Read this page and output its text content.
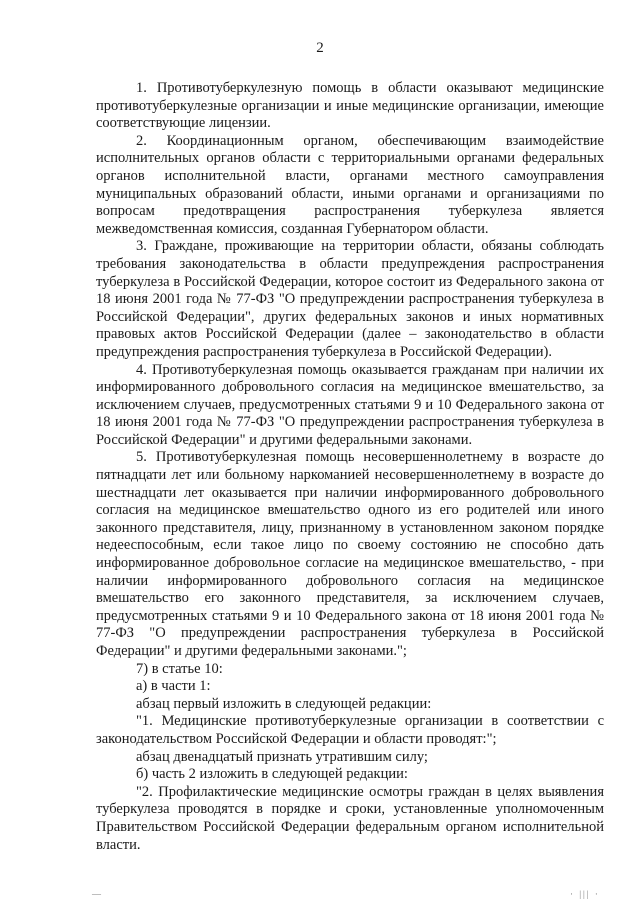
2

1. Противотуберкулезную помощь в области оказывают медицинские противотуберкулезные организации и иные медицинские организации, имеющие соответствующие лицензии.

2. Координационным органом, обеспечивающим взаимодействие исполнительных органов области с территориальными органами федеральных органов исполнительной власти, органами местного самоуправления муниципальных образований области, иными органами и организациями по вопросам предотвращения распространения туберкулеза является межведомственная комиссия, созданная Губернатором области.

3. Граждане, проживающие на территории области, обязаны соблюдать требования законодательства в области предупреждения распространения туберкулеза в Российской Федерации, которое состоит из Федерального закона от 18 июня 2001 года № 77-ФЗ "О предупреждении распространения туберкулеза в Российской Федерации", других федеральных законов и иных нормативных правовых актов Российской Федерации (далее – законодательство в области предупреждения распространения туберкулеза в Российской Федерации).

4. Противотуберкулезная помощь оказывается гражданам при наличии их информированного добровольного согласия на медицинское вмешательство, за исключением случаев, предусмотренных статьями 9 и 10 Федерального закона от 18 июня 2001 года № 77-ФЗ "О предупреждении распространения туберкулеза в Российской Федерации" и другими федеральными законами.

5. Противотуберкулезная помощь несовершеннолетнему в возрасте до пятнадцати лет или больному наркоманией несовершеннолетнему в возрасте до шестнадцати лет оказывается при наличии информированного добровольного согласия на медицинское вмешательство одного из его родителей или иного законного представителя, лицу, признанному в установленном законом порядке недееспособным, если такое лицо по своему состоянию не способно дать информированное добровольное согласие на медицинское вмешательство, - при наличии информированного добровольного согласия на медицинское вмешательство его законного представителя, за исключением случаев, предусмотренных статьями 9 и 10 Федерального закона от 18 июня 2001 года № 77-ФЗ "О предупреждении распространения туберкулеза в Российской Федерации" и другими федеральными законами.";

7) в статье 10:

а) в части 1:

абзац первый изложить в следующей редакции:

"1. Медицинские противотуберкулезные организации в соответствии с законодательством Российской Федерации и области проводят:";

абзац двенадцатый признать утратившим силу;

б) часть 2 изложить в следующей редакции:

"2. Профилактические медицинские осмотры граждан в целях выявления туберкулеза проводятся в порядке и сроки, установленные уполномоченным Правительством Российской Федерации федеральным органом исполнительной власти.

—	· ||| ·
